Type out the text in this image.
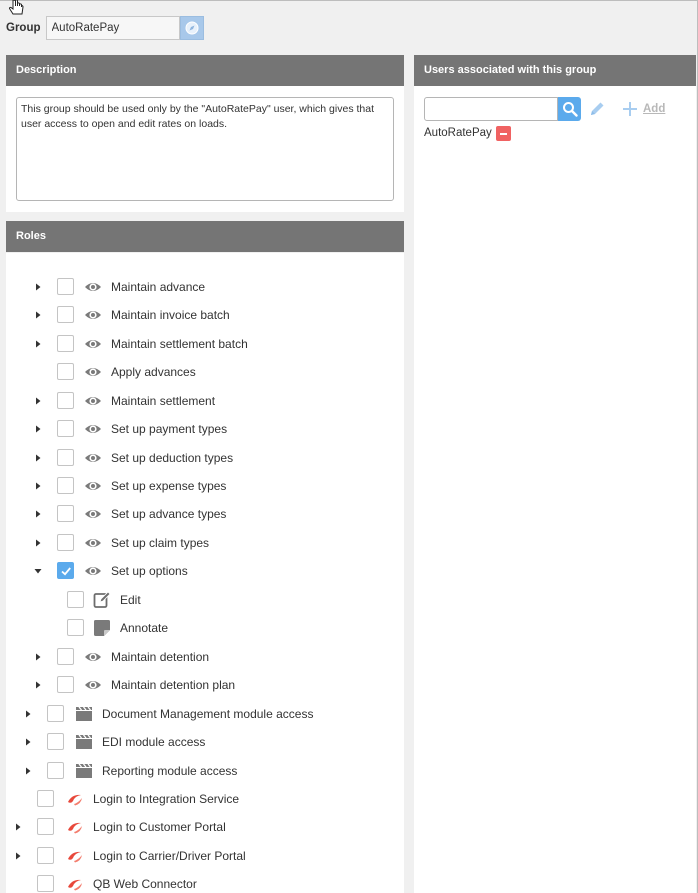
Group
AutoRatePay
Description
This group should be used only by the "AutoRatePay" user, which gives that user access to open and edit rates on loads.
Roles
Maintain advance
Maintain invoice batch
Maintain settlement batch
Apply advances
Maintain settlement
Set up payment types
Set up deduction types
Set up expense types
Set up advance types
Set up claim types
Set up options
Edit
Annotate
Maintain detention
Maintain detention plan
Document Management module access
EDI module access
Reporting module access
Login to Integration Service
Login to Customer Portal
Login to Carrier/Driver Portal
QB Web Connector
Users associated with this group
Add
AutoRatePay
